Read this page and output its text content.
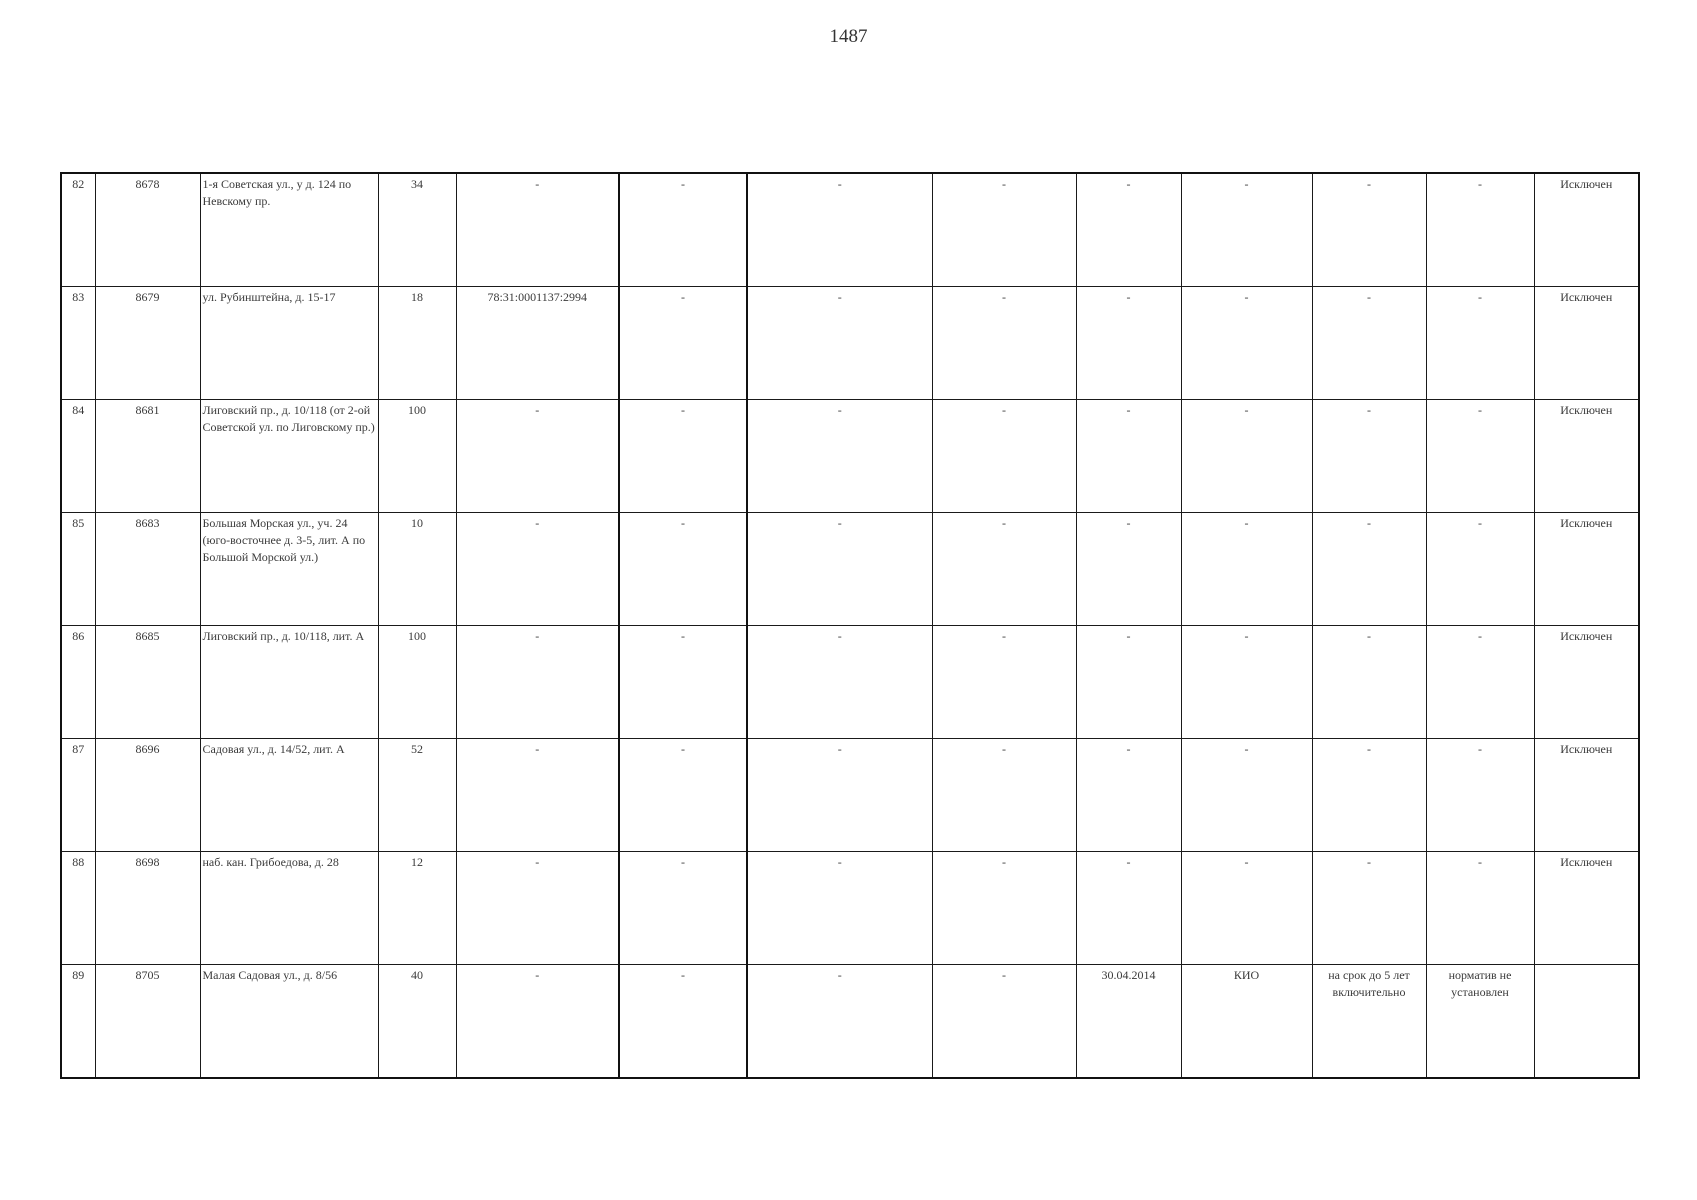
1487
82	8678	1-я Советская ул., у д. 124 по Невскому пр.	34	-	-	-	-	-	-	-	-	Исключен
83	8679	ул. Рубинштейна, д. 15-17	18	78:31:0001137:2994	-	-	-	-	-	-	-	Исключен
84	8681	Лиговский пр., д. 10/118 (от 2-ой Советской ул. по Лиговскому пр.)	100	-	-	-	-	-	-	-	-	Исключен
85	8683	Большая Морская ул., уч. 24 (юго-восточнее д. 3-5, лит. А по Большой Морской ул.)	10	-	-	-	-	-	-	-	-	Исключен
86	8685	Лиговский пр., д. 10/118, лит. А	100	-	-	-	-	-	-	-	-	Исключен
87	8696	Садовая ул., д. 14/52, лит. А	52	-	-	-	-	-	-	-	-	Исключен
88	8698	наб. кан. Грибоедова, д. 28	12	-	-	-	-	-	-	-	-	Исключен
89	8705	Малая Садовая ул., д. 8/56	40	-	-	-	-	30.04.2014	КИО	на срок до 5 лет включительно	норматив не установлен	
